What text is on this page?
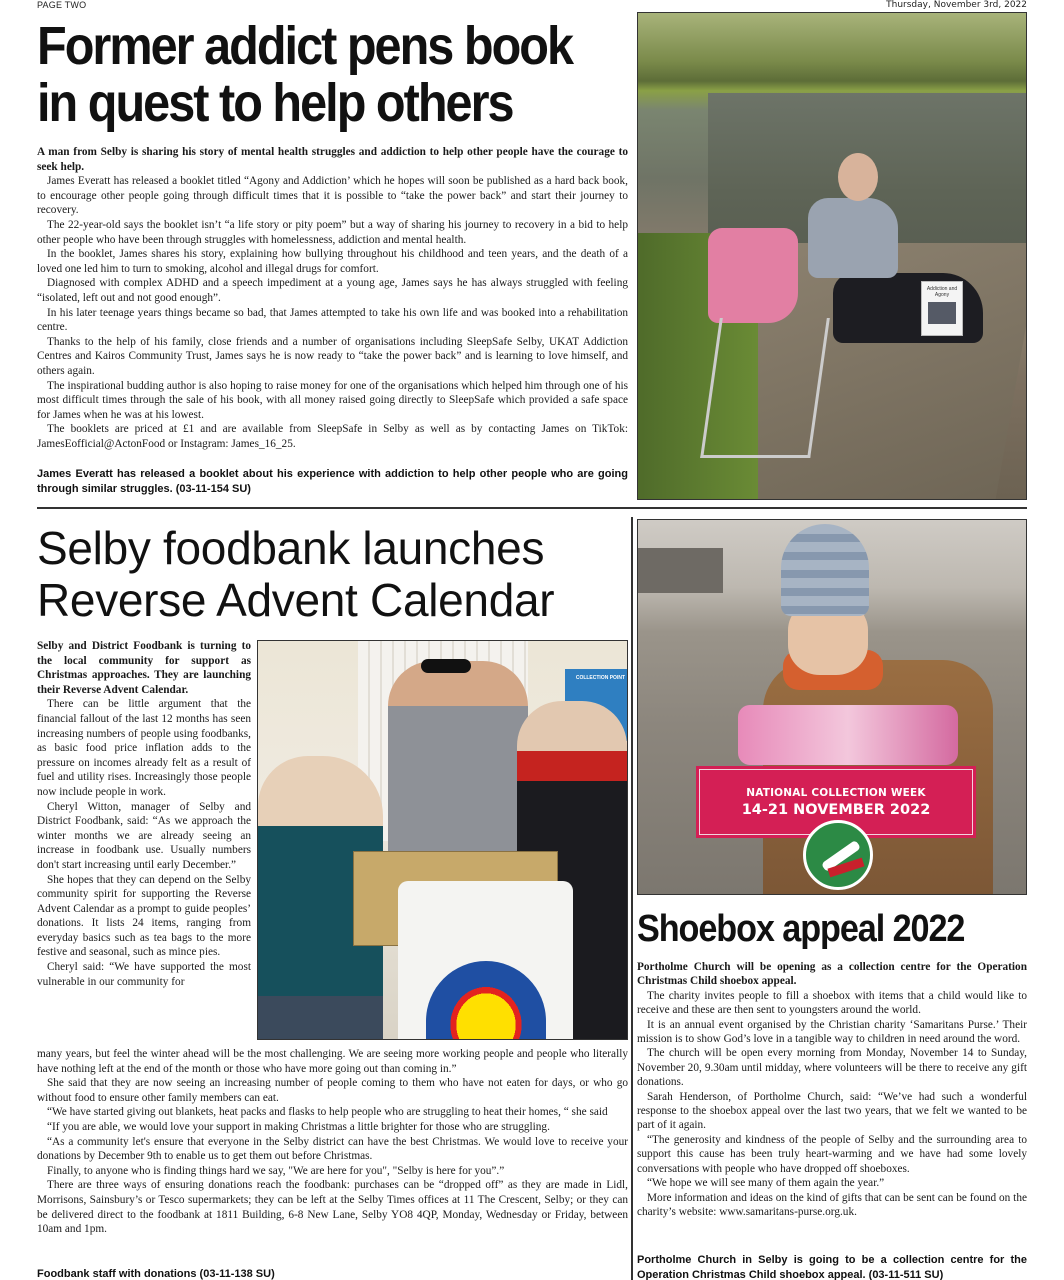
PAGE TWO	Thursday, November 3rd, 2022
Former addict pens book
in quest to help others

A man from Selby is sharing his story of mental health struggles and addiction to help other people have the courage to seek help.

James Everatt has released a booklet titled “Agony and Addiction’ which he hopes will soon be published as a hard back book, to encourage other people going through difficult times that it is possible to “take the power back” and start their journey to recovery.

The 22-year-old says the booklet isn’t “a life story or pity poem” but a way of sharing his journey to recovery in a bid to help other people who have been through struggles with homelessness, addiction and mental health.

In the booklet, James shares his story, explaining how bullying throughout his childhood and teen years, and the death of a loved one led him to turn to smoking, alcohol and illegal drugs for comfort.

Diagnosed with complex ADHD and a speech impediment at a young age, James says he has always struggled with feeling “isolated, left out and not good enough”.

In his later teenage years things became so bad, that James attempted to take his own life and was booked into a rehabilitation centre.

Thanks to the help of his family, close friends and a number of organisations including SleepSafe Selby, UKAT Addiction Centres and Kairos Community Trust, James says he is now ready to “take the power back” and is learning to love himself, and others again.

The inspirational budding author is also hoping to raise money for one of the organisations which helped him through one of his most difficult times through the sale of his book, with all money raised going directly to SleepSafe which provided a safe space for James when he was at his lowest.

The booklets are priced at £1 and are available from SleepSafe in Selby as well as by contacting James on TikTok: JamesEofficial@ActonFood or Instagram: James_16_25.

James Everatt has released a booklet about his experience with addiction to help other people who are going through similar struggles. (03-11-154 SU)
Addiction and Agony
Selby foodbank launches
Reverse Advent Calendar

Selby and District Foodbank is turning to the local community for support as Christmas approaches. They are launching their Reverse Advent Calendar.

There can be little argument that the financial fallout of the last 12 months has seen increasing numbers of people using foodbanks, as basic food price inflation adds to the pressure on incomes already felt as a result of fuel and utility rises. Increasingly those people now include people in work.

Cheryl Witton, manager of Selby and District Foodbank, said: “As we approach the winter months we are already seeing an increase in foodbank use. Usually numbers don't start increasing until early December.”

She hopes that they can depend on the Selby community spirit for supporting the Reverse Advent Calendar as a prompt to guide peoples’ donations. It lists 24 items, ranging from everyday basics such as tea bags to the more festive and seasonal, such as mince pies.

Cheryl said: “We have supported the most vulnerable in our community for

COLLECTION POINT

many years, but feel the winter ahead will be the most challenging. We are seeing more working people and people who literally have nothing left at the end of the month or those who have more going out than coming in.”

She said that they are now seeing an increasing number of people coming to them who have not eaten for days, or who go without food to ensure other family members can eat.

“We have started giving out blankets, heat packs and flasks to help people who are struggling to heat their homes, “ she said

“If you are able, we would love your support in making Christmas a little brighter for those who are struggling.

“As a community let's ensure that everyone in the Selby district can have the best Christmas. We would love to receive your donations by December 9th to enable us to get them out before Christmas.

Finally, to anyone who is finding things hard we say, "We are here for you", "Selby is here for you”.”

There are three ways of ensuring donations reach the foodbank: purchases can be “dropped off” as they are made in Lidl, Morrisons, Sainsbury’s or Tesco supermarkets; they can be left at the Selby Times offices at 11 The Crescent, Selby; or they can be delivered direct to the foodbank at 1811 Building, 6-8 New Lane, Selby YO8 4QP, Monday, Wednesday or Friday, between 10am and 1pm.

Foodbank staff with donations (03-11-138 SU)
NATIONAL COLLECTION WEEK
14-21 NOVEMBER 2022
Shoebox appeal 2022

Portholme Church will be opening as a collection centre for the Operation Christmas Child shoebox appeal.

The charity invites people to fill a shoebox with items that a child would like to receive and these are then sent to youngsters around the world.

It is an annual event organised by the Christian charity ‘Samaritans Purse.’ Their mission is to show God’s love in a tangible way to children in need around the word.

The church will be open every morning from Monday, November 14 to Sunday, November 20, 9.30am until midday, where volunteers will be there to receive any gift donations.

Sarah Henderson, of Portholme Church, said: “We’ve had such a wonderful response to the shoebox appeal over the last two years, that we felt we wanted to be part of it again.

“The generosity and kindness of the people of Selby and the surrounding area to support this cause has been truly heart-warming and we have had some lovely conversations with people who have dropped off shoeboxes.

“We hope we will see many of them again the year.”

More information and ideas on the kind of gifts that can be sent can be found on the charity’s website: www.samaritans-purse.org.uk.

Portholme Church in Selby is going to be a collection centre for the Operation Christmas Child shoebox appeal. (03-11-511 SU)
